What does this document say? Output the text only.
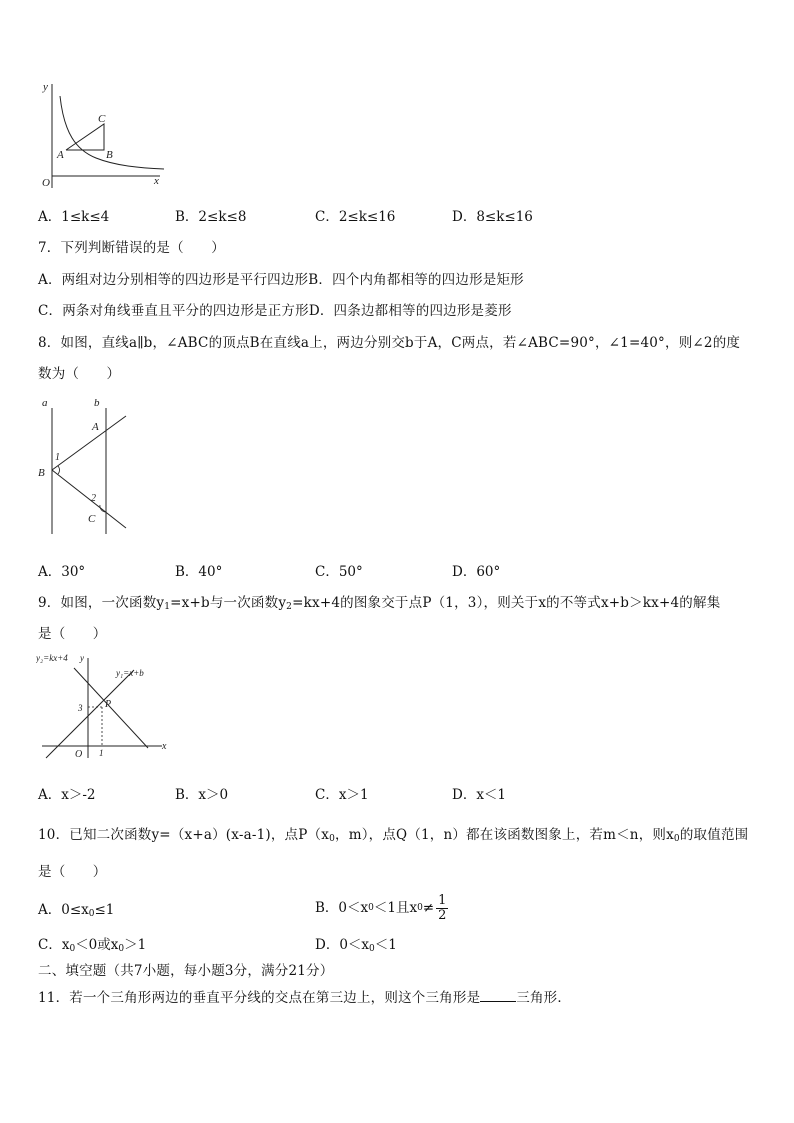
y
C
A	B
O	x
A．1≤k≤4	B．2≤k≤8	C．2≤k≤16	D．8≤k≤16
7．下列判断错误的是（　　）
A．两组对边分别相等的四边形是平行四边形B．四个内角都相等的四边形是矩形
C．两条对角线垂直且平分的四边形是正方形D．四条边都相等的四边形是菱形
8．如图，直线a∥b，∠ABC的顶点B在直线a上，两边分别交b于A，C两点，若∠ABC=90°，∠1=40°，则∠2的度
数为（　　）
a	b
A
B
C
1
2
A．30°	B．40°	C．50°	D．60°
9．如图，一次函数$y_1=x+b$与一次函数$y_2=kx+4$的图象交于点P（1，3），则关于x的不等式x+b＞kx+4的解集
是（　　）
y₂=kx+4 y
y₁=x+b
3 P
x
O 1
A．x＞-2	B．x＞0	C．x＞1	D．x＜1
10．已知二次函数y=（x+a）(x-a-1)，点$P(x_0$，m），点Q（1，n）都在该函数图象上，若m＜n，则$x_0$的取值范围
是（　　）
A．$0\le x_0\le 1$	B．0＜x 0 ＜1且x $0 \ne \frac{1}{2}$
C．$x_0<0$或$x_0>1$	D．$0<x_0<1$
二、填空题（共7小题，每小题3分，满分21分）
11．若一个三角形两边的垂直平分线的交点在第三边上，则这个三角形是	三角形．
